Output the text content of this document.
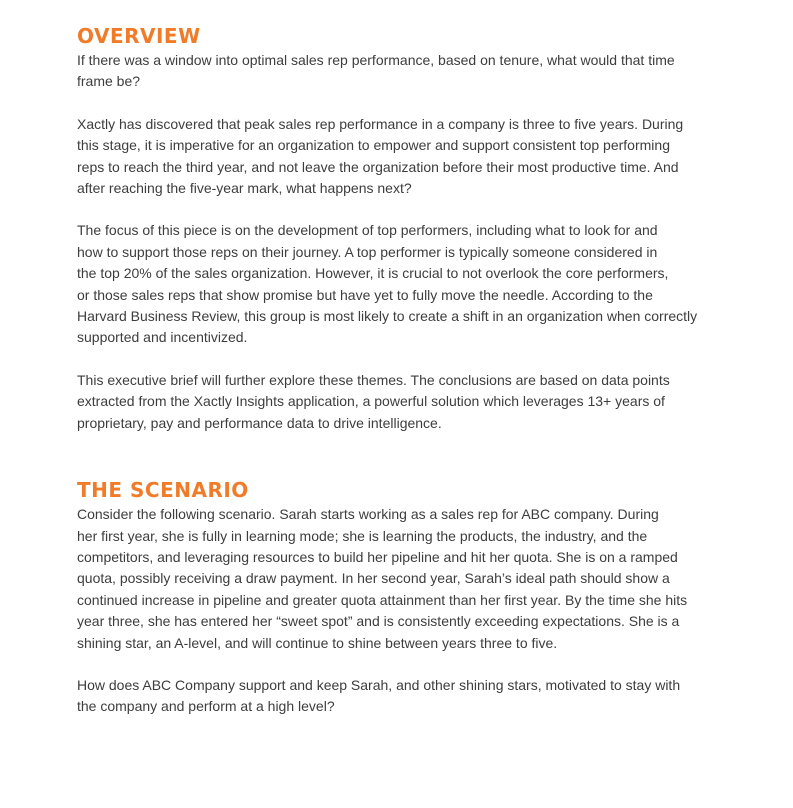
OVERVIEW

If there was a window into optimal sales rep performance, based on tenure, what would that time
frame be?

Xactly has discovered that peak sales rep performance in a company is three to five years. During
this stage, it is imperative for an organization to empower and support consistent top performing
reps to reach the third year, and not leave the organization before their most productive time. And
after reaching the five-year mark, what happens next?

The focus of this piece is on the development of top performers, including what to look for and
how to support those reps on their journey. A top performer is typically someone considered in
the top 20% of the sales organization. However, it is crucial to not overlook the core performers,
or those sales reps that show promise but have yet to fully move the needle. According to the
Harvard Business Review, this group is most likely to create a shift in an organization when correctly
supported and incentivized.

This executive brief will further explore these themes. The conclusions are based on data points
extracted from the Xactly Insights application, a powerful solution which leverages 13+ years of
proprietary, pay and performance data to drive intelligence.

THE SCENARIO

Consider the following scenario. Sarah starts working as a sales rep for ABC company. During
her first year, she is fully in learning mode; she is learning the products, the industry, and the
competitors, and leveraging resources to build her pipeline and hit her quota. She is on a ramped
quota, possibly receiving a draw payment. In her second year, Sarah’s ideal path should show a
continued increase in pipeline and greater quota attainment than her first year. By the time she hits
year three, she has entered her “sweet spot” and is consistently exceeding expectations. She is a
shining star, an A-level, and will continue to shine between years three to five.

How does ABC Company support and keep Sarah, and other shining stars, motivated to stay with
the company and perform at a high level?
